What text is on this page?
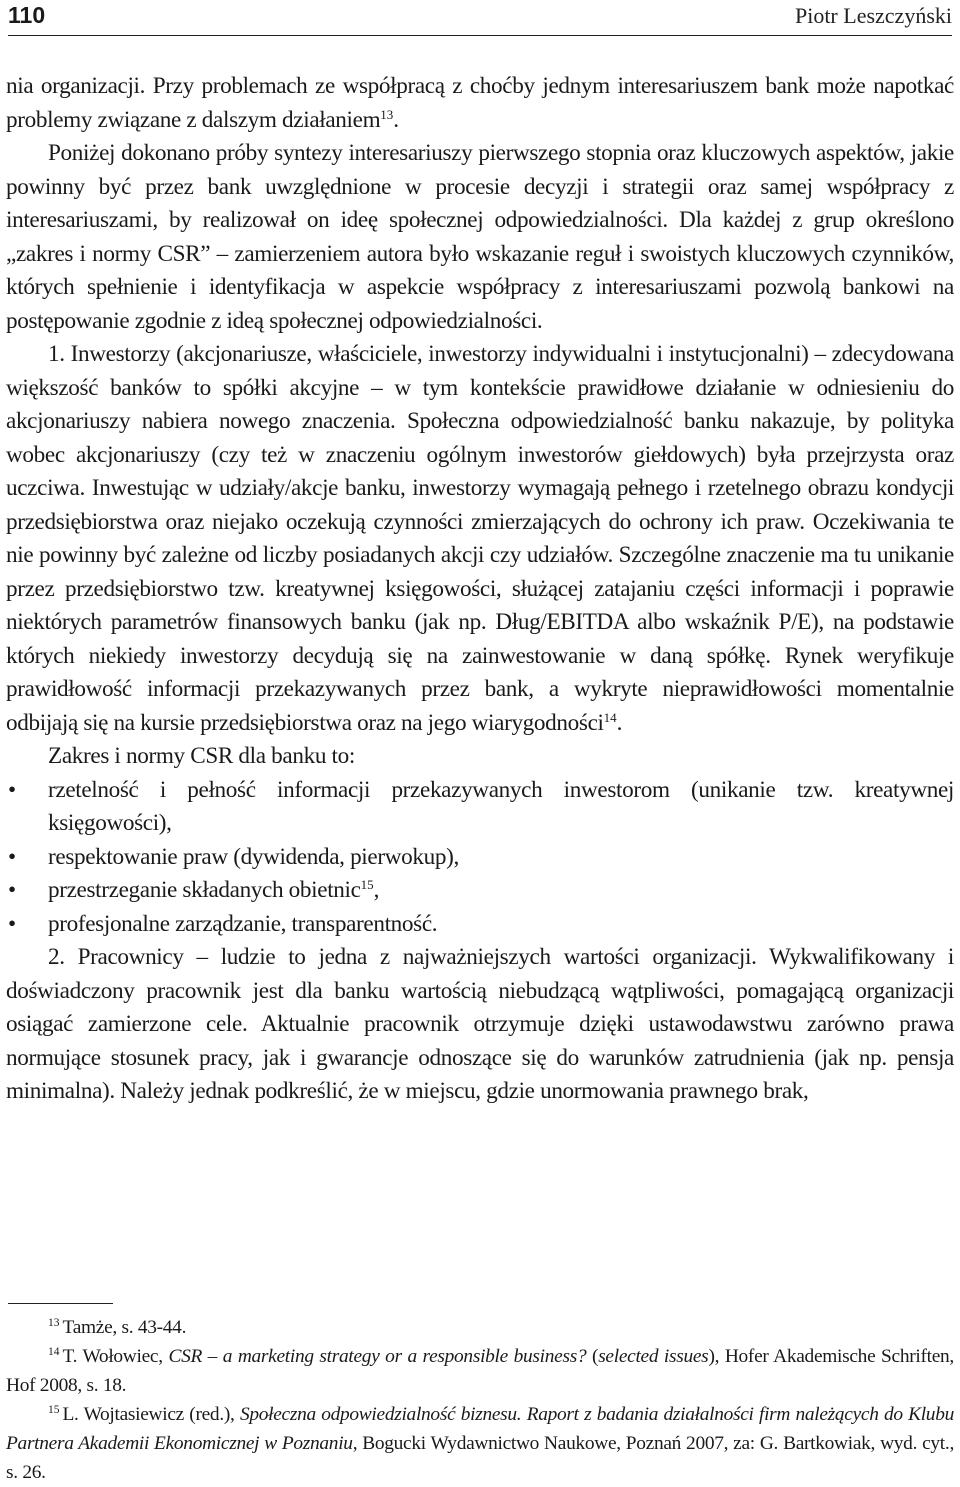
110	Piotr Leszczyński

nia organizacji. Przy problemach ze współpracą z choćby jednym interesariuszem bank może napotkać problemy związane z dalszym działaniem$^{13}$.

Poniżej dokonano próby syntezy interesariuszy pierwszego stopnia oraz kluczowych aspektów, jakie powinny być przez bank uwzględnione w procesie decyzji i strategii oraz samej współpracy z interesariuszami, by realizował on ideę społecznej odpowiedzialności. Dla każdej z grup określono „zakres i normy CSR” – zamierzeniem autora było wskazanie reguł i swoistych kluczowych czynników, których spełnienie i identyfikacja w aspekcie współpracy z interesariuszami pozwolą bankowi na postępowanie zgodnie z ideą społecznej odpowiedzialności.

1. Inwestorzy (akcjonariusze, właściciele, inwestorzy indywidualni i instytucjonalni) – zdecydowana większość banków to spółki akcyjne – w tym kontekście prawidłowe działanie w odniesieniu do akcjonariuszy nabiera nowego znaczenia. Społeczna odpowiedzialność banku nakazuje, by polityka wobec akcjonariuszy (czy też w znaczeniu ogólnym inwestorów giełdowych) była przejrzysta oraz uczciwa. Inwestując w udziały/akcje banku, inwestorzy wymagają pełnego i rzetelnego obrazu kondycji przedsiębiorstwa oraz niejako oczekują czynności zmierzających do ochrony ich praw. Oczekiwania te nie powinny być zależne od liczby posiadanych akcji czy udziałów. Szczególne znaczenie ma tu unikanie przez przedsiębiorstwo tzw. kreatywnej księgowości, służącej zatajaniu części informacji i poprawie niektórych parametrów finansowych banku (jak np. Dług/EBITDA albo wskaźnik P/E), na podstawie których niekiedy inwestorzy decydują się na zainwestowanie w daną spółkę. Rynek weryfikuje prawidłowość informacji przekazywanych przez bank, a wykryte nieprawidłowości momentalnie odbijają się na kursie przedsiębiorstwa oraz na jego wiarygodności$^{14}$.

Zakres i normy CSR dla banku to:

• rzetelność i pełność informacji przekazywanych inwestorom (unikanie tzw. kreatywnej księgowości),
• respektowanie praw (dywidenda, pierwokup),
• przestrzeganie składanych obietnic$^{15}$,
• profesjonalne zarządzanie, transparentność.

2. Pracownicy – ludzie to jedna z najważniejszych wartości organizacji. Wykwalifikowany i doświadczony pracownik jest dla banku wartością niebudzącą wątpliwości, pomagającą organizacji osiągać zamierzone cele. Aktualnie pracownik otrzymuje dzięki ustawodawstwu zarówno prawa normujące stosunek pracy, jak i gwarancje odnoszące się do warunków zatrudnienia (jak np. pensja minimalna). Należy jednak podkreślić, że w miejscu, gdzie unormowania prawnego brak,

$^{13}$ Tamże, s. 43-44.

$^{14}$ T. Wołowiec, CSR – a marketing strategy or a responsible business? (selected issues), Hofer Akademische Schriften, Hof 2008, s. 18.

$^{15}$ L. Wojtasiewicz (red.), Społeczna odpowiedzialność biznesu. Raport z badania działalności firm należących do Klubu Partnera Akademii Ekonomicznej w Poznaniu, Bogucki Wydawnictwo Naukowe, Poznań 2007, za: G. Bartkowiak, wyd. cyt., s. 26.
